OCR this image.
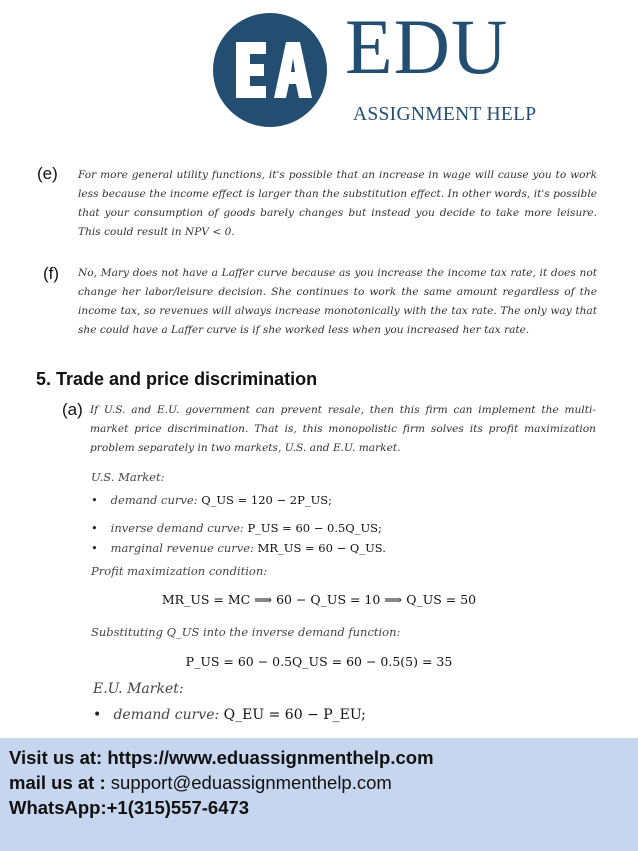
EDU
ASSIGNMENT HELP
(e) For more general utility functions, it's possible that an increase in wage will cause you to work less because the income effect is larger than the substitution effect. In other words, it's possible that your consumption of goods barely changes but instead you decide to take more leisure. This could result in NPV < 0.

(f) No, Mary does not have a Laffer curve because as you increase the income tax rate, it does not change her labor/leisure decision. She continues to work the same amount regardless of the income tax, so revenues will always increase monotonically with the tax rate. The only way that she could have a Laffer curve is if she worked less when you increased her tax rate.

5. Trade and price discrimination
(a) If U.S. and E.U. government can prevent resale, then this firm can implement the multi-market price discrimination. That is, this monopolistic firm solves its profit maximization problem separately in two markets, U.S. and E.U. market.

U.S. Market:
• demand curve: Q_US = 120 − 2P_US;
• inverse demand curve: P_US = 60 − 0.5Q_US;
• marginal revenue curve: MR_US = 60 − Q_US.
Profit maximization condition:
MR_US = MC ⟹ 60 − Q_US = 10 ⟹ Q_US = 50
Substituting Q_US into the inverse demand function:
P_US = 60 − 0.5Q_US = 60 − 0.5(5) = 35
E.U. Market:
• demand curve: Q_EU = 60 − P_EU;
Visit us at: https://www.eduassignmenthelp.com
mail us at : support@eduassignmenthelp.com
WhatsApp:+1(315)557-6473
